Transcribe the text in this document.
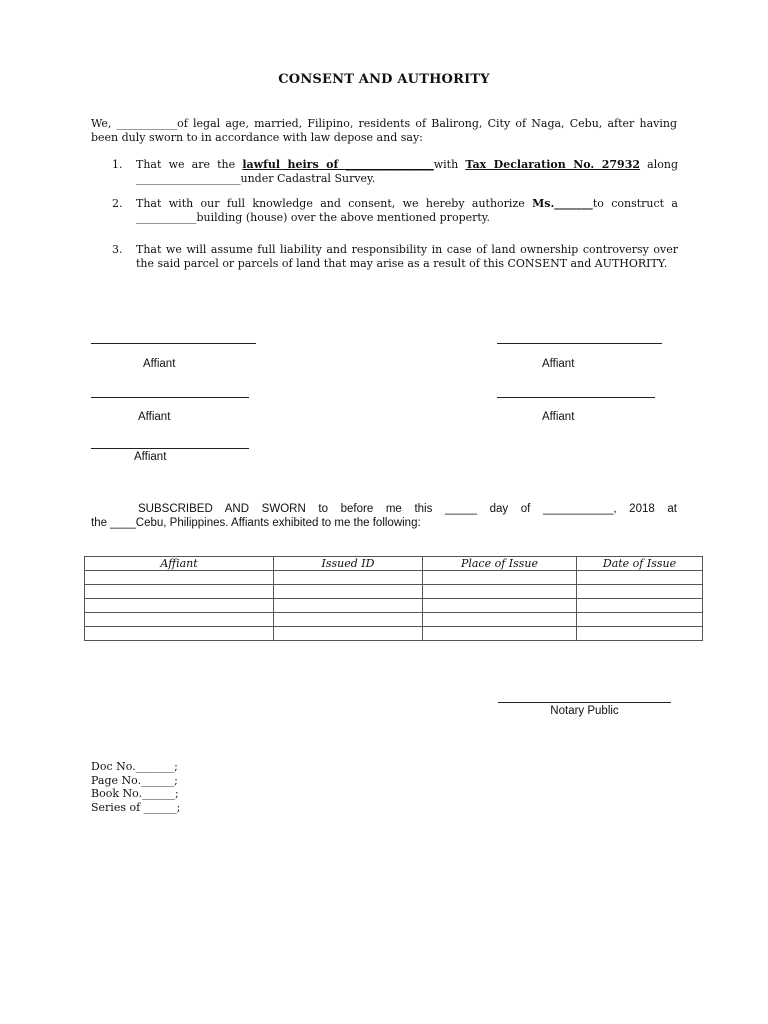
CONSENT AND AUTHORITY
We, ___________of legal age, married, Filipino, residents of Balirong, City of Naga, Cebu, after having been duly sworn to in accordance with law depose and say:
1.	That we are the lawful heirs of ________________with Tax Declaration No. 27932 along ___________________under Cadastral Survey.
2.	That with our full knowledge and consent, we hereby authorize Ms._______to construct a ___________building (house) over the above mentioned property.
3.	That we will assume full liability and responsibility in case of land ownership controversy over the said parcel or parcels of land that may arise as a result of this CONSENT and AUTHORITY.
Affiant	Affiant
Affiant	Affiant
Affiant
SUBSCRIBED AND SWORN to before me this _____ day of ___________, 2018 at
the ____Cebu, Philippines. Affiants exhibited to me the following:
Affiant	Issued ID	Place of Issue	Date of Issue

Notary Public
Doc No._______;
Page No.______;
Book No.______;
Series of ______;
